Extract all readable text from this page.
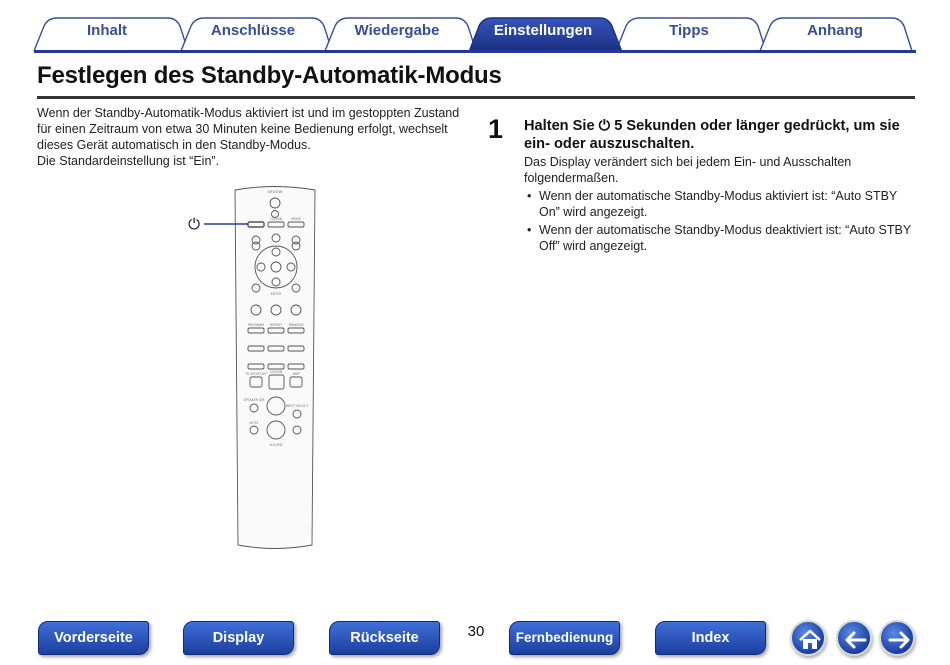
Inhalt	Anschlüsse	Wiedergabe	Einstellungen	Tipps	Anhang
Festlegen des Standby-Automatik-Modus

Wenn der Standby-Automatik-Modus aktiviert ist und im gestoppten Zustand für einen Zeitraum von etwa 30 Minuten keine Bedienung erfolgt, wechselt dieses Gerät automatisch in den Standby-Modus.

Die Standardeinstellung ist “Ein”.

INFO/DIM
CD/USB	MODE
ENTER
PROGRAM REPEAT RANDOM
TV SPDIF/OPT CD/USB	AMP
SPEAKER A/B
INPUT SELECT
MUTE
VOLUME
⏻
1 Halten Sie ⏻ 5 Sekunden oder länger gedrückt, um sie ein- oder auszuschalten.

Das Display verändert sich bei jedem Ein- und Ausschalten folgendermaßen.

• Wenn der automatische Standby-Modus aktiviert ist: “Auto STBY On” wird angezeigt.
• Wenn der automatische Standby-Modus deaktiviert ist: “Auto STBY Off” wird angezeigt.
Vorderseite	Display	Rückseite	30	Fernbedienung	Index
